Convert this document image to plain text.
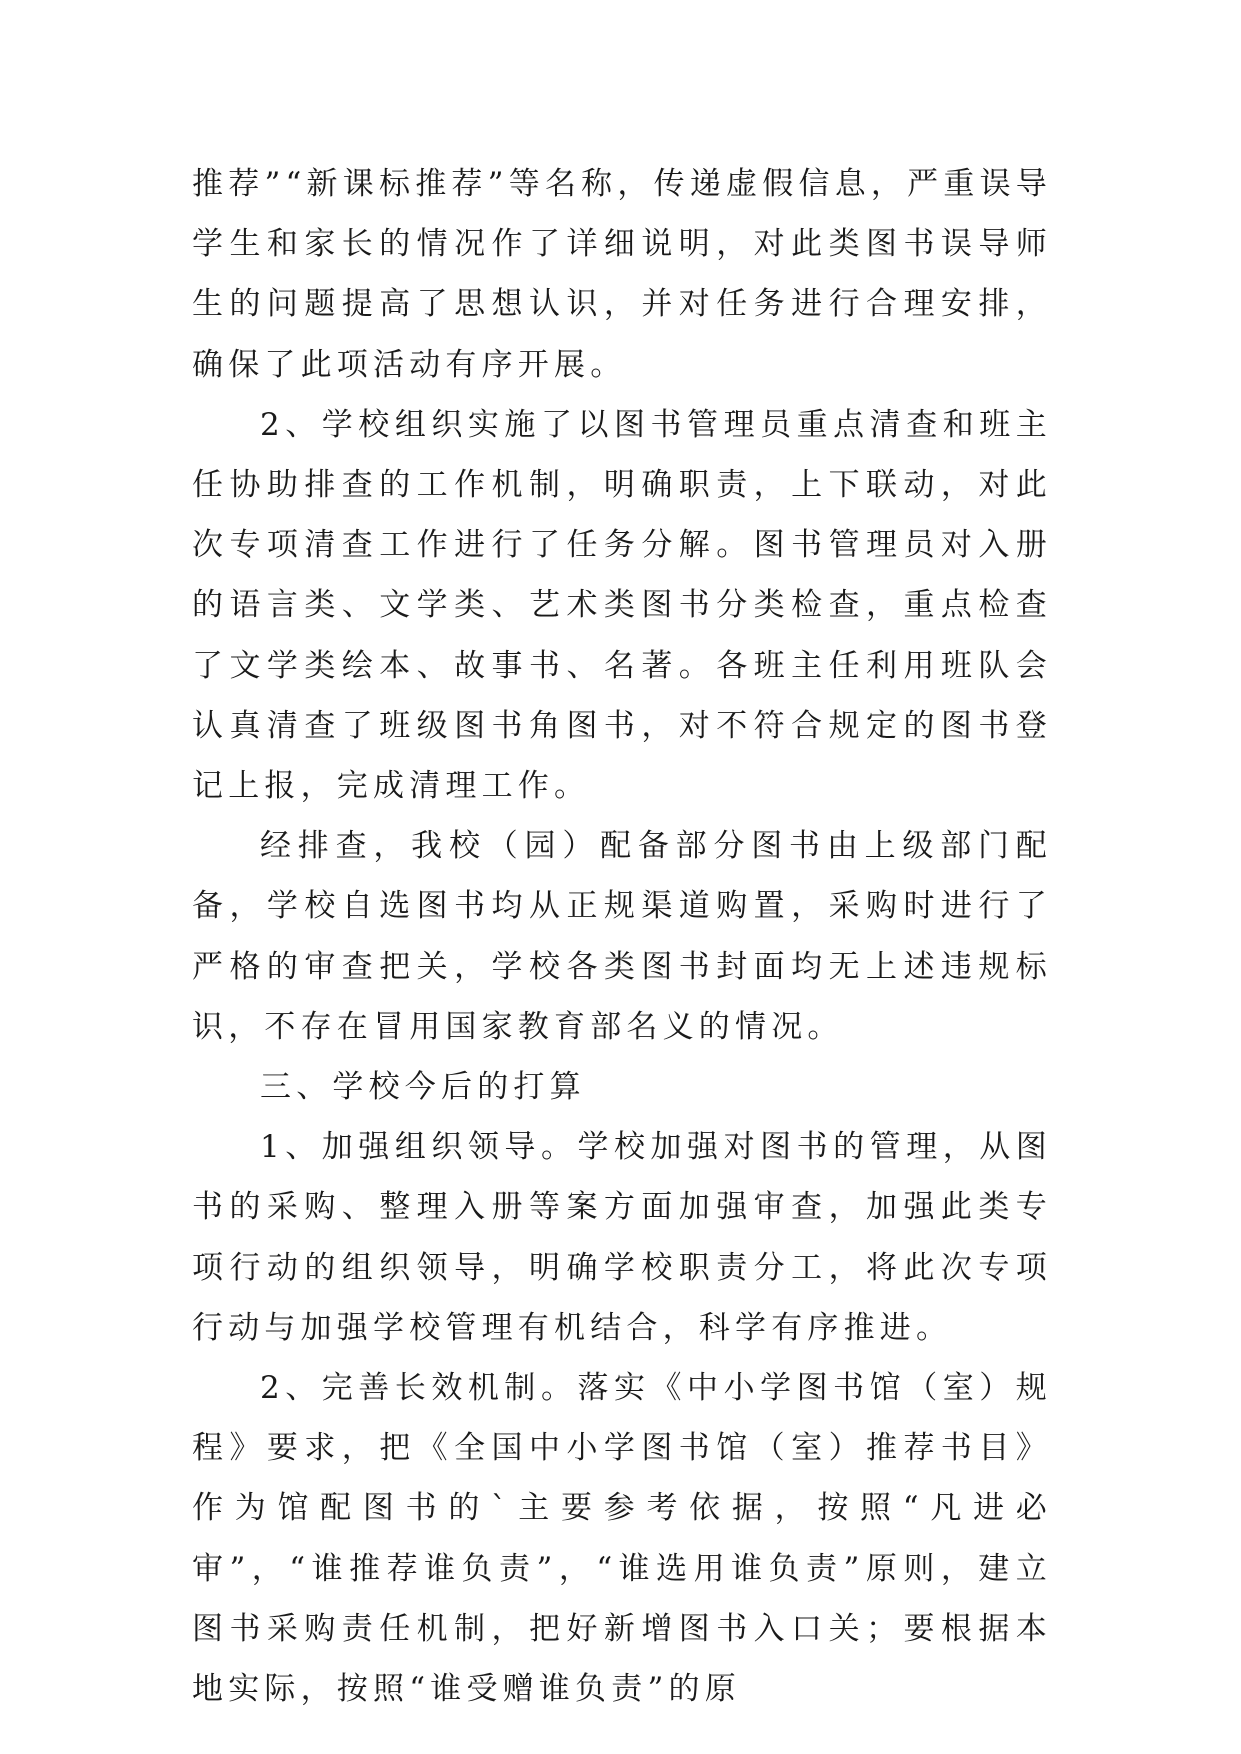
推荐”“新课标推荐”等名称，传递虚假信息，严重误导学生和家长的情况作了详细说明，对此类图书误导师生的问题提高了思想认识，并对任务进行合理安排，确保了此项活动有序开展。

2、学校组织实施了以图书管理员重点清查和班主任协助排查的工作机制，明确职责，上下联动，对此次专项清查工作进行了任务分解。图书管理员对入册的语言类、文学类、艺术类图书分类检查，重点检查了文学类绘本、故事书、名著。各班主任利用班队会认真清查了班级图书角图书，对不符合规定的图书登记上报，完成清理工作。

经排查，我校（园）配备部分图书由上级部门配备，学校自选图书均从正规渠道购置，采购时进行了严格的审查把关，学校各类图书封面均无上述违规标识，不存在冒用国家教育部名义的情况。

三、学校今后的打算

1、加强组织领导。学校加强对图书的管理，从图书的采购、整理入册等案方面加强审查，加强此类专项行动的组织领导，明确学校职责分工，将此次专项行动与加强学校管理有机结合，科学有序推进。

2、完善长效机制。落实《中小学图书馆（室）规程》要求，把《全国中小学图书馆（室）推荐书目》作为馆配图书的`主要参考依据，按照“凡进必审”，“谁推荐谁负责”，“谁选用谁负责”原则，建立图书采购责任机制，把好新增图书入口关；要根据本地实际，按照“谁受赠谁负责”的原
